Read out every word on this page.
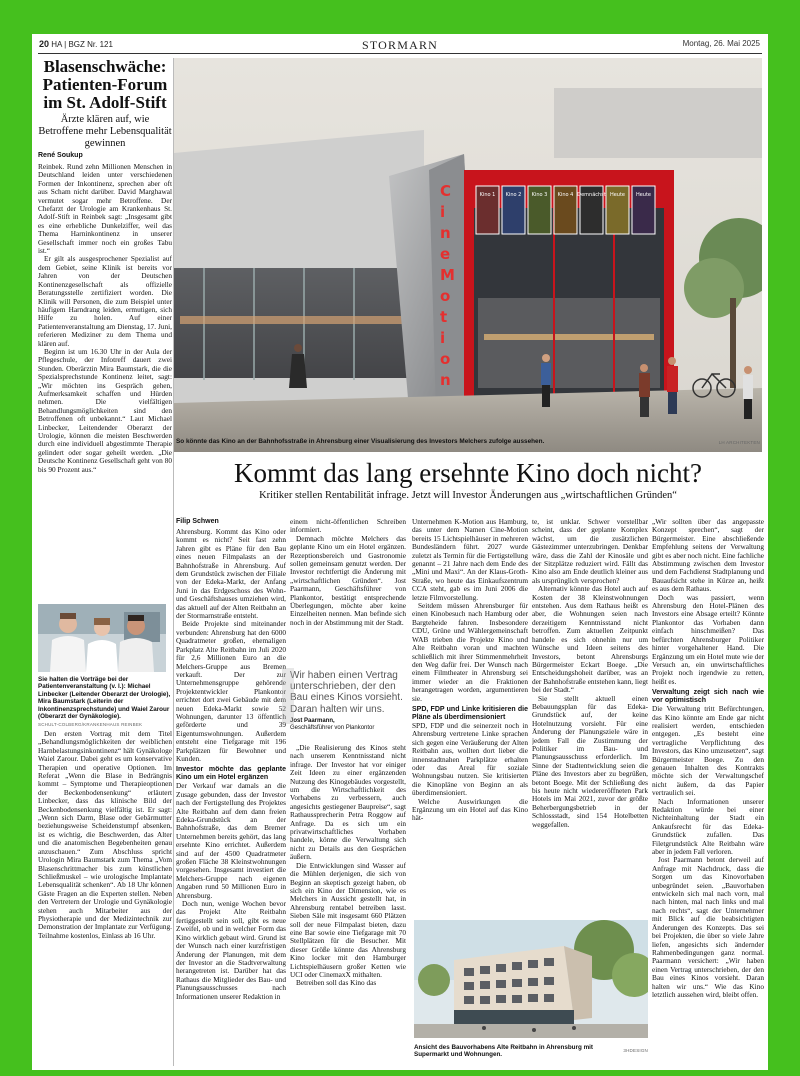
20 HA | BGZ Nr. 121	STORMARN	Montag, 26. Mai 2025
Blasenschwäche: Patienten-Forum im St. Adolf-Stift
Ärzte klären auf, wie Betroffene mehr Lebensqualität gewinnen
René Soukup

Reinbek. Rund zehn Millionen Menschen in Deutschland leiden unter verschiedenen Formen der Inkontinenz, sprechen aber oft aus Scham nicht darüber. David Marghawal vermutet sogar mehr Betroffene. Der Chefarzt der Urologie am Krankenhaus St. Adolf-Stift in Reinbek sagt: „Insgesamt gibt es eine erhebliche Dunkelziffer, weil das Thema Harninkontinenz in unserer Gesellschaft immer noch ein großes Tabu ist.“

Er gilt als ausgesprochener Spezialist auf dem Gebiet, seine Klinik ist bereits vor Jahren von der Deutschen Kontinenzgesellschaft als offizielle Beratungsstelle zertifiziert worden. Die Klinik will Personen, die zum Beispiel unter häufigem Harndrang leiden, ermutigen, sich Hilfe zu holen. Auf einer Patientenveranstaltung am Dienstag, 17. Juni, referieren Mediziner zu dem Thema und klären auf.

Beginn ist um 16.30 Uhr in der Aula der Pflegeschule, der Infotreff dauert zwei Stunden. Oberärztin Mira Baumstark, die die Spezialsprechstunde Kontinenz leitet, sagt: „Wir möchten ins Gespräch gehen, Aufmerksamkeit schaffen und Hürden nehmen. Die vielfältigen Behandlungsmöglichkeiten sind den Betroffenen oft unbekannt.“ Laut Michael Linbecker, Leitendender Oberarzt der Urologie, können die meisten Beschwerden durch eine individuell abgestimmte Therapie gelindert oder sogar geheilt werden. „Die Deutsche Kontinenz Gesellschaft geht von 80 bis 90 Prozent aus.“

Sie halten die Vorträge bei der Patientenveranstaltung (v. l.): Michael Linbecker (Leitender Oberarzt der Urologie), Mira Baumstark (Leiterin der Inkontinenzsprechstunde) und Waiel Zarour (Oberarzt der Gynäkologie).
SCHULT-COLBERG/KRANKENHAUS REINBEK

Den ersten Vortrag mit dem Titel „Behandlungsmöglichkeiten der weiblichen Harnbelastungsinkontinenz“ hält Gynäkologe Waiel Zarour. Dabei geht es um konservative Therapien und operative Optionen. Im Referat „Wenn die Blase in Bedrängnis kommt – Symptome und Therapieoptionen der Beckenbodensenkung“ erläutert Linbecker, dass das klinische Bild der Beckenbodensenkung vielfältig ist. Er sagt: „Wenn sich Darm, Blase oder Gebärmutter beziehungsweise Scheidenstumpf absenken, ist es wichtig, die Beschwerden, das Alter und die anatomischen Begebenheiten genau anzuschauen.“ Zum Abschluss spricht Urologin Mira Baumstark zum Thema „Vom Blasenschrittmacher bis zum künstlichen Schließmuskel – wie urologische Implantate Lebensqualität schenken“. Ab 18 Uhr können Gäste Fragen an die Experten stellen. Neben den Vertretern der Urologie und Gynäkologie stehen auch Mitarbeiter aus der Physiotherapie und der Medizintechnik zur Demonstration der Implantate zur Verfügung. Teilnahme kostenlos, Einlass ab 16 Uhr.

C
i
n
e
M
o
t
i
o
n
Kino 1 Kino 2 Kino 3 Kino 4 Demnächst Heute Heute
So könnte das Kino an der Bahnhofsstraße in Ahrensburg einer Visualisierung des Investors Melchers zufolge aussehen.	LH ARCHITEKTEN
Kommt das lang ersehnte Kino doch nicht?
Kritiker stellen Rentabilität infrage. Jetzt will Investor Änderungen aus „wirtschaftlichen Gründen“
Filip Schwen

Ahrensburg. Kommt das Kino oder kommt es nicht? Seit fast zehn Jahren gibt es Pläne für den Bau eines neuen Filmpalasts an der Bahnhofstraße in Ahrensburg. Auf dem Grundstück zwischen der Filiale von der Edeka-Markt, der Anfang Juni in das Erdgeschoss des Wohn- und Geschäftshauses umziehen wird, das aktuell auf der Alten Reitbahn an der Stormarnstraße entsteht.

Beide Projekte sind miteinander verbunden: Ahrensburg hat den 6000 Quadratmeter großen, ehemaligen Parkplatz Alte Reitbahn im Juli 2020 für 2,6 Millionen Euro an die Melchers-Gruppe aus Bremen verkauft. Der zur Unternehmensgruppe gehörende Projektentwickler Plankontor errichtet dort zwei Gebäude mit dem neuen Edeka-Markt sowie 52 Wohnungen, darunter 13 öffentlich geförderte und 39 Eigentumswohnungen. Außerdem entsteht eine Tiefgarage mit 196 Parkplätzen für Bewohner und Kunden.

Investor möchte das geplante Kino um ein Hotel ergänzen

Der Verkauf war damals an die Zusage gebunden, dass der Investor nach der Fertigstellung des Projektes Alte Reitbahn auf dem dann freien Edeka-Grundstück an der Bahnhofstraße, das dem Bremer Unternehmen bereits gehört, das lang ersehnte Kino errichtet. Außerdem sind auf der 4500 Quadratmeter großen Fläche 38 Kleinstwohnungen vorgesehen. Insgesamt investiert die Melchers-Gruppe nach eigenen Angaben rund 50 Millionen Euro in Ahrensburg.

Doch nun, wenige Wochen bevor das Projekt Alte Reitbahn fertiggestellt sein soll, gibt es neue Zweifel, ob und in welcher Form das Kino wirklich gebaut wird. Grund ist der Wunsch nach einer kurzfristigen Änderung der Planungen, mit dem der Investor an die Stadtverwaltung herangetreten ist. Darüber hat das Rathaus die Mitglieder des Bau- und Planungsausschusses nach Informationen unserer Redaktion in

einem nicht-öffentlichen Schreiben informiert.

Demnach möchte Melchers das geplante Kino um ein Hotel ergänzen. Rezeptionsbereich und Gastronomie sollen gemeinsam genutzt werden. Der Investor rechtfertigt die Änderung mit „wirtschaftlichen Gründen“. Jost Paarmann, Geschäftsführer von Plankontor, bestätigt entsprechende Überlegungen, möchte aber keine Einzelheiten nennen. Man befinde sich noch in der Abstimmung mit der Stadt.

Wir haben einen Vertrag unterschrieben, der den Bau eines Kinos vorsieht. Daran halten wir uns.
Jost Paarmann,
Geschäftsführer von Plankontor

„Die Realisierung des Kinos steht nach unserem Kenntnisstand nicht infrage. Der Investor hat vor einiger Zeit Ideen zu einer ergänzenden Nutzung des Kinogebäudes vorgestellt, um die Wirtschaftlichkeit des Vorhabens zu verbessern, auch angesichts gestiegener Baupreise“, sagt Rathaussprecherin Petra Roggow auf Anfrage. Da es sich um ein privatwirtschaftliches Vorhaben handele, könne die Verwaltung sich nicht zu Details aus den Gesprächen äußern.

Die Entwicklungen sind Wasser auf die Mühlen derjenigen, die sich von Beginn an skeptisch gezeigt haben, ob sich ein Kino der Dimension, wie es Melchers in Aussicht gestellt hat, in Ahrensburg rentabel betreiben lasst. Sieben Säle mit insgesamt 660 Plätzen soll der neue Filmpalast bieten, dazu eine Bar sowie eine Tiefgarage mit 70 Stellplätzen für die Besucher. Mit dieser Größe könnte das Ahrensburg Kino locker mit den Hamburger Lichtspielhäusern großer Ketten wie UCI oder CinemaxX mithalten.

Betreiben soll das Kino das

Unternehmen K-Motion aus Hamburg, das unter dem Namen Cine-Motion bereits 15 Lichtspielhäuser in mehreren Bundesländern führt. 2027 wurde zuletzt als Termin für die Fertigstellung genannt – 21 Jahre nach dem Ende des „Mini und Maxi“. An der Klaus-Groth-Straße, wo heute das Einkaufszentrum CCA steht, gab es im Juni 2006 die letzte Filmvorstellung.

Seitdem müssen Ahrensburger für einen Kinobesuch nach Hamburg oder Bargteheide fahren. Insbesondere CDU, Grüne und Wählergemeinschaft WAB trieben die Projekte Kino und Alte Reitbahn voran und machten schließlich mit ihrer Stimmenmehrheit den Weg dafür frei. Der Wunsch nach einem Filmtheater in Ahrensburg sei immer wieder an die Fraktionen herangetragen worden, argumentieren sie.

SPD, FDP und Linke kritisieren die Pläne als überdimensioniert

SPD, FDP und die seinerzeit noch in Ahrensburg vertretene Linke sprachen sich gegen eine Veräußerung der Alten Reitbahn aus, wollten dort lieber die innenstadtnahen Parkplätze erhalten oder das Areal für soziale Wohnungsbau nutzen. Sie kritisierten die Kinopläne von Beginn an als überdimensioniert.

Welche Auswirkungen die Ergänzung um ein Hotel auf das Kino hät-

te, ist unklar. Schwer vorstellbar scheint, dass der geplante Komplex wächst, um die zusätzlichen Gästezimmer unterzubringen. Denkbar wäre, dass die Zahl der Kinosäle und der Sitzplätze reduziert wird. Fällt das Kino also am Ende deutlich kleiner aus als ursprünglich versprochen?

Alternativ könnte das Hotel auch auf Kosten der 38 Kleinstwohnungen entstehen. Aus dem Rathaus heißt es aber, die Wohnungen seien nach derzeitigem Kenntnisstand nicht betroffen. Zum aktuellen Zeitpunkt handele es sich ohnehin nur um Wünsche und Ideen seitens des Investors, betont Ahrensburgs Bürgermeister Eckart Boege. „Die Entscheidungshoheit darüber, was an der Bahnhofstraße entstehen kann, liegt bei der Stadt.“

Sie stellt aktuell einen Bebauungsplan für das Edeka-Grundstück auf, der keine Hotelnutzung vorsieht. Für eine Änderung der Planungsziele wäre in jedem Fall die Zustimmung der Politiker im Bau- und Planungsausschuss erforderlich. Im Sinne der Stadtentwicklung seien die Pläne des Investors aber zu begrüßen, betont Boege. Mit der Schließung des bis heute nicht wiedereröffneten Park Hotels im Mai 2021, zuvor der größte Beherbergungsbetrieb in der Schlossstadt, sind 154 Hotelbetten weggefallen.

Ansicht des Bauvorhabens Alte Reitbahn in Ahrensburg mit Supermarkt und Wohnungen.
3HDESIGN

„Wir sollten über das angepasste Konzept sprechen“, sagt der Bürgermeister. Eine abschließende Empfehlung seitens der Verwaltung gibt es aber noch nicht. Eine fachliche Abstimmung zwischen dem Investor und dem Fachdienst Stadtplanung und Bauaufsicht stehe in Kürze an, heißt es aus dem Rathaus.

Doch was passiert, wenn Ahrensburg den Hotel-Plänen des Investors eine Absage erteilt? Könnte Plankontor das Vorhaben dann einfach hinschmeißen? Das befürchten Ahrensburger Politiker hinter vorgehaltener Hand. Die Ergänzung um ein Hotel mute wie der Versuch an, ein unwirtschaftliches Projekt noch irgendwie zu retten, heißt es.

Verwaltung zeigt sich nach wie vor optimistisch

Die Verwaltung tritt Befürchtungen, das Kino könnte am Ende gar nicht realisiert werden, entschieden entgegen. „Es besteht eine vertragliche Verpflichtung des Investors, das Kino umzusetzen“, sagt Bürgermeister Boege. Zu den genauen Inhalten des Kontrakts möchte sich der Verwaltungschef nicht äußern, da das Papier vertraulich sei.

Nach Informationen unserer Redaktion würde bei einer Nichteinhaltung der Stadt ein Ankaufsrecht für das Edeka-Grundstück zufallen. Das Filetgrundstück Alte Reitbahn wäre aber in jedem Fall verloren.

Jost Paarmann betont derweil auf Anfrage mit Nachdruck, dass die Sorgen um das Kinovorhaben unbegründet seien. „Bauvorhaben entwickeln sich mal nach vorn, mal nach hinten, mal nach links und mal nach rechts“, sagt der Unternehmer mit Blick auf die beabsichtigten Änderungen des Konzepts. Das sei bei Projekten, die über so viele Jahre liefen, angesichts sich ändernder Rahmenbedingungen ganz normal. Paarmann versichert: „Wir haben einen Vertrag unterschrieben, der den Bau eines Kinos vorsieht. Daran halten wir uns.“ Wie das Kino letztlich aussehen wird, bleibt offen.
